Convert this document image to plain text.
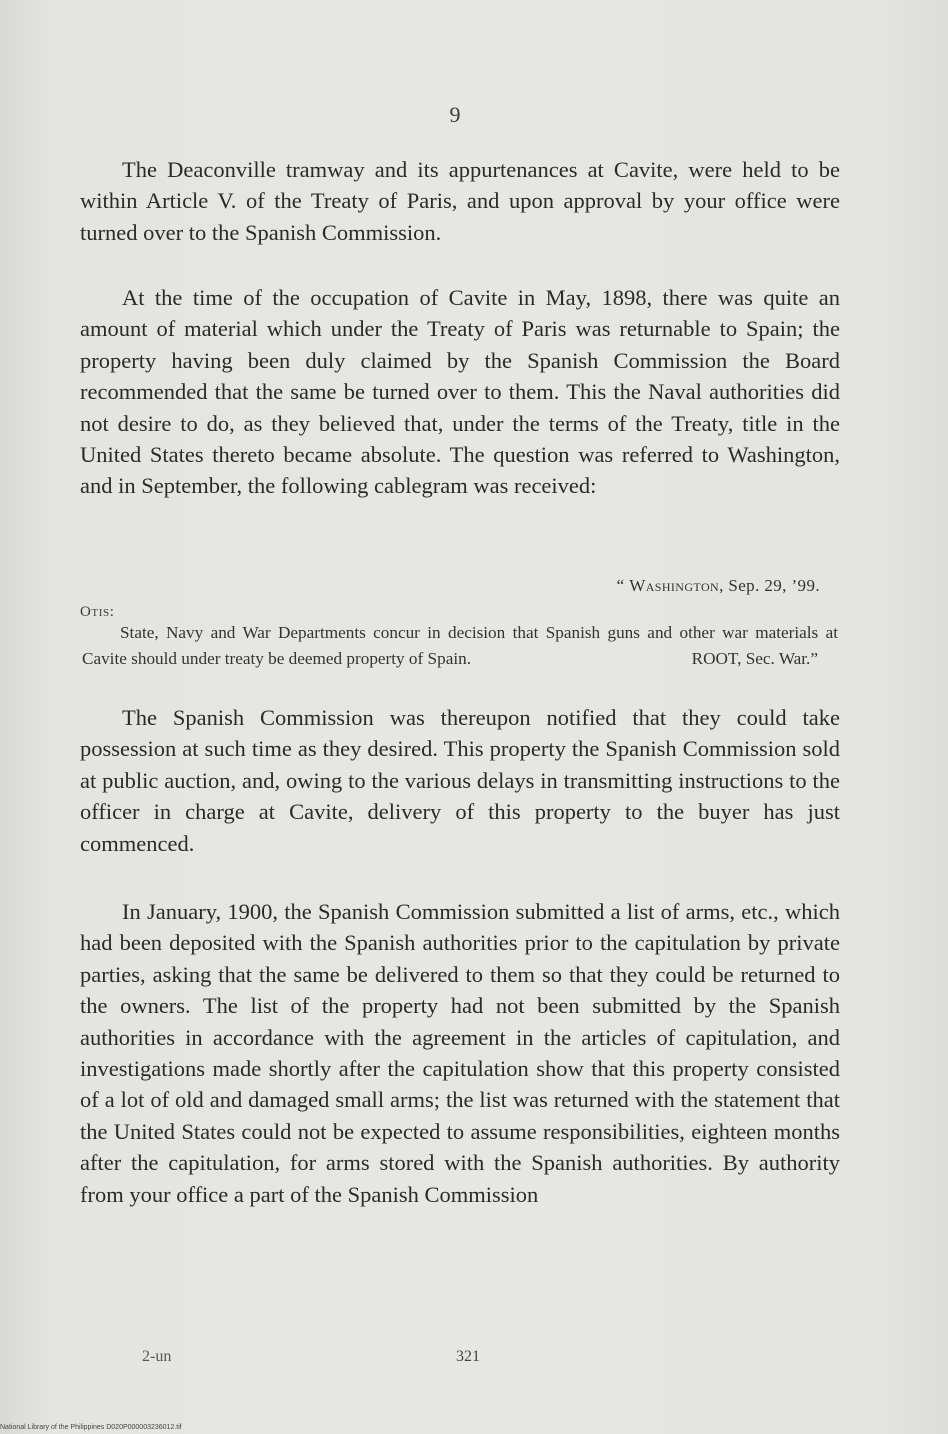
9

The Deaconville tramway and its appurtenances at Cavite, were held to be within Article V. of the Treaty of Paris, and upon approval by your office were turned over to the Spanish Commission.

At the time of the occupation of Cavite in May, 1898, there was quite an amount of material which under the Treaty of Paris was returnable to Spain; the property having been duly claimed by the Spanish Commission the Board recommended that the same be turned over to them. This the Naval authorities did not desire to do, as they believed that, under the terms of the Treaty, title in the United States thereto became absolute. The question was referred to Washington, and in September, the following cablegram was received:

“ Washington, Sep. 29, ’99.
Otis:
State, Navy and War Departments concur in decision that Spanish guns and other war materials at Cavite should under treaty be deemed property of Spain.	ROOT, Sec. War.”

The Spanish Commission was thereupon notified that they could take possession at such time as they desired. This property the Spanish Commission sold at public auction, and, owing to the various delays in transmitting instructions to the officer in charge at Cavite, delivery of this property to the buyer has just commenced.

In January, 1900, the Spanish Commission submitted a list of arms, etc., which had been deposited with the Spanish authorities prior to the capitulation by private parties, asking that the same be delivered to them so that they could be returned to the owners. The list of the property had not been submitted by the Spanish authorities in accordance with the agreement in the articles of capitulation, and investigations made shortly after the capitulation show that this property consisted of a lot of old and damaged small arms; the list was returned with the statement that the United States could not be expected to assume responsibilities, eighteen months after the capitulation, for arms stored with the Spanish authorities. By authority from your office a part of the Spanish Commission

2-un	321
National Library of the Philippines D020P000003236012.tif
